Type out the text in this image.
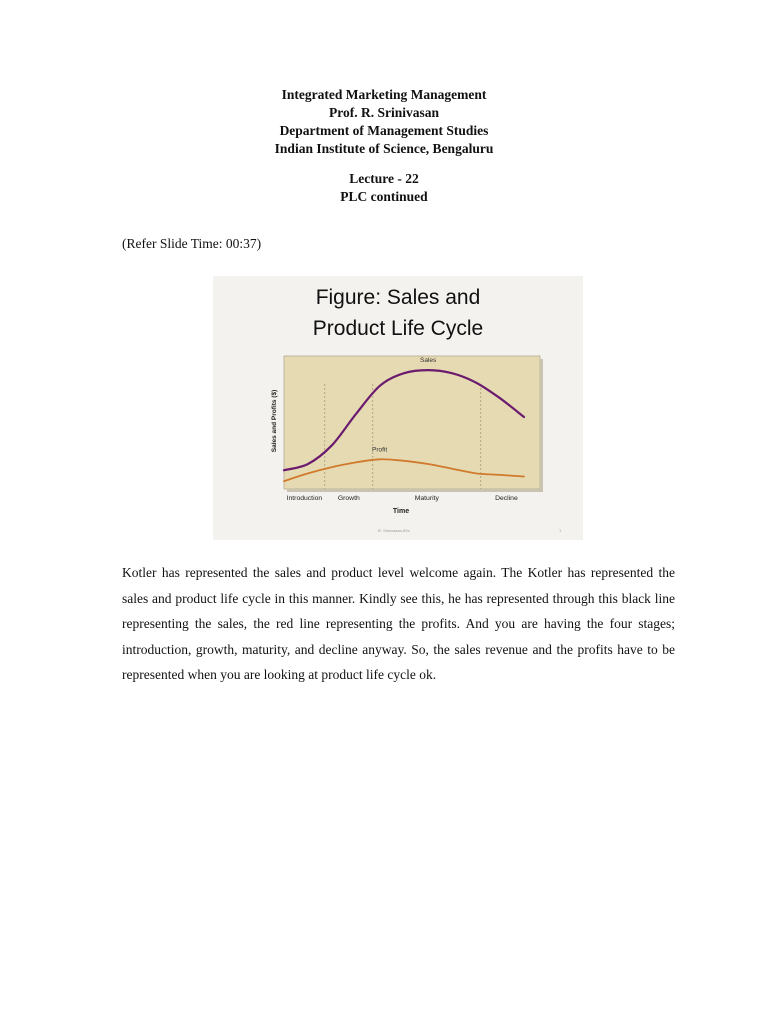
Integrated Marketing Management
Prof. R. Srinivasan
Department of Management Studies
Indian Institute of Science, Bengaluru
Lecture - 22
PLC continued
(Refer Slide Time: 00:37)
Figure: Sales and
Product Life Cycle
Sales
Profit
Time
Sales and Profits ($)
Introduction Growth	Maturity	Decline
R. Srinivasan,IISc	1
Kotler has represented the sales and product level welcome again. The Kotler has represented the sales and product life cycle in this manner. Kindly see this, he has represented through this black line representing the sales, the red line representing the profits. And you are having the four stages; introduction, growth, maturity, and decline anyway. So, the sales revenue and the profits have to be represented when you are looking at product life cycle ok.
